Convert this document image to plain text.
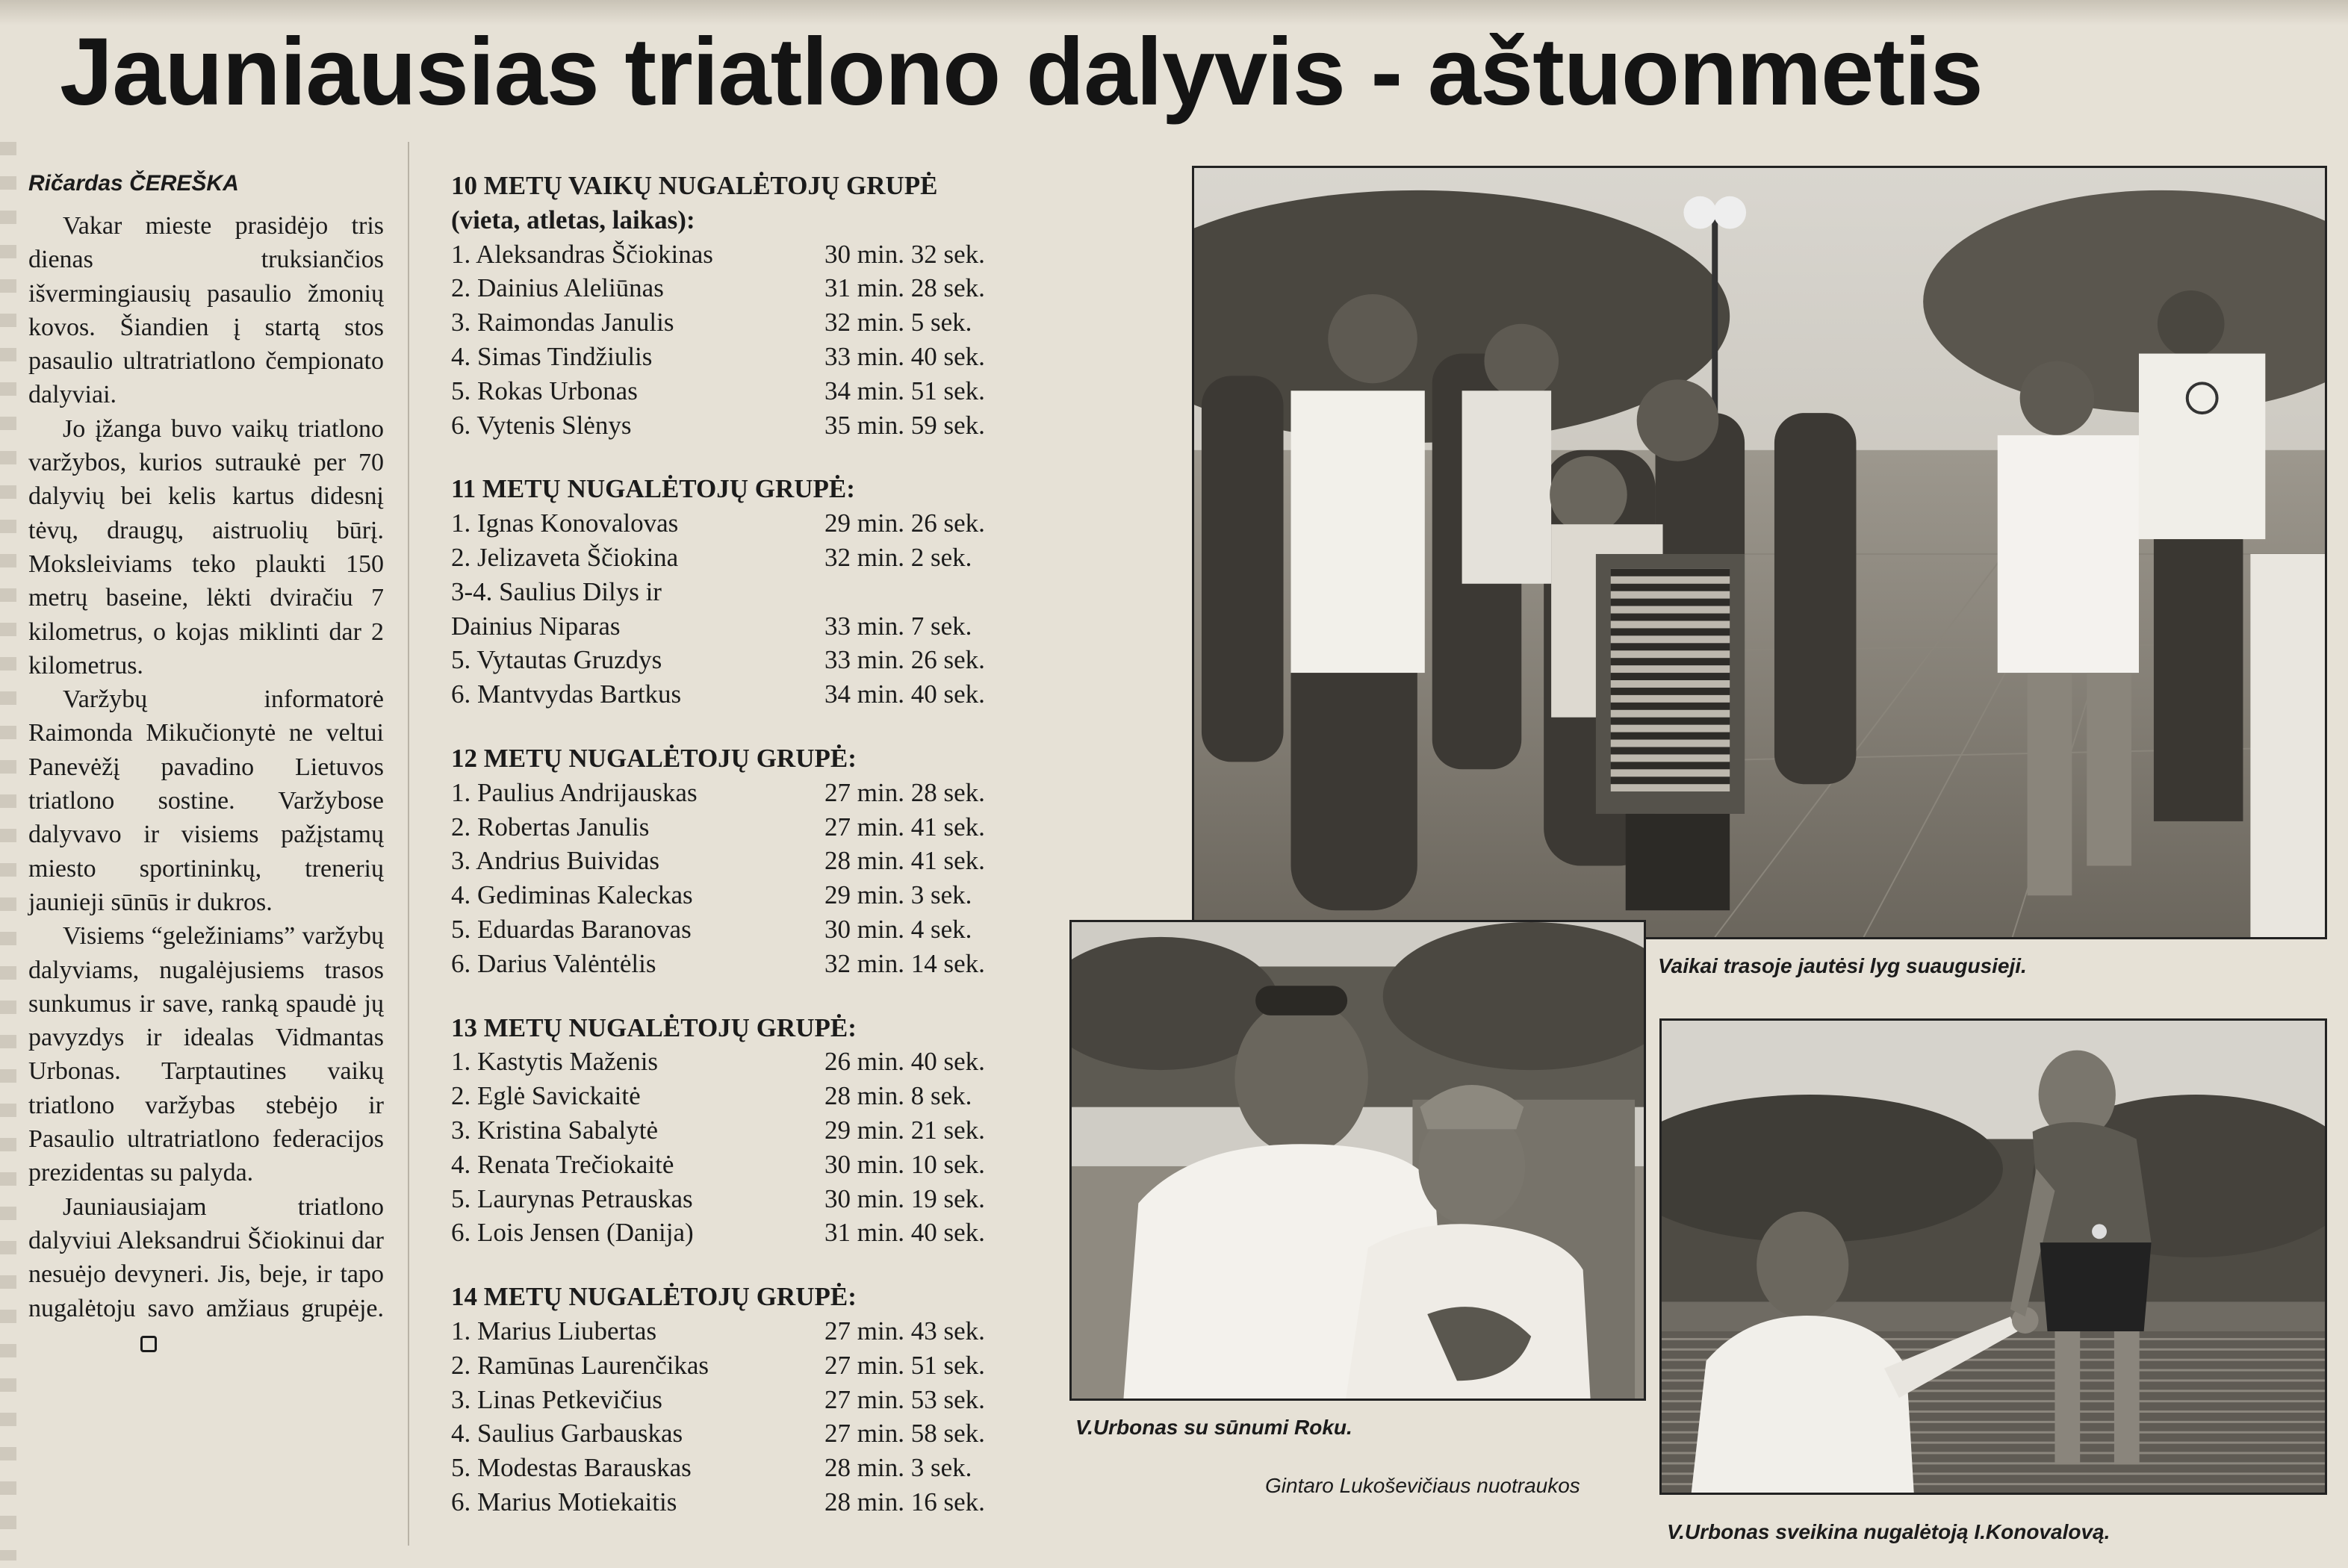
Jauniausias triatlono dalyvis - aštuonmetis
Ričardas ČEREŠKA

Vakar mieste prasidėjo tris dienas truksiančios išvermingiausių pasaulio žmonių kovos. Šiandien į startą stos pasaulio ultratriatlono čempionato dalyviai.

Jo įžanga buvo vaikų triatlono varžybos, kurios sutraukė per 70 dalyvių bei kelis kartus didesnį tėvų, draugų, aistruolių būrį. Moksleiviams teko plaukti 150 metrų baseine, lėkti dviračiu 7 kilometrus, o kojas miklinti dar 2 kilometrus.

Varžybų informatorė Raimonda Mikučionytė ne veltui Panevėžį pavadino Lietuvos triatlono sostine. Varžybose dalyvavo ir visiems pažįstamų miesto sportininkų, trenerių jaunieji sūnūs ir dukros.

Visiems “geležiniams” varžybų dalyviams, nugalėjusiems trasos sunkumus ir save, ranką spaudė jų pavyzdys ir idealas Vidmantas Urbonas. Tarptautines vaikų triatlono varžybas stebėjo ir Pasaulio ultratriatlono federacijos prezidentas su palyda.

Jauniausiajam triatlono dalyviui Aleksandrui Ščiokinui dar nesuėjo devyneri. Jis, beje, ir tapo nugalėtoju savo amžiaus grupėje.

10 METŲ VAIKŲ NUGALĖTOJŲ GRUPĖ
(vieta, atletas, laikas):
1. Aleksandras Ščiokinas	30 min. 32 sek.
2. Dainius Aleliūnas	31 min. 28 sek.
3. Raimondas Janulis	32 min. 5 sek.
4. Simas Tindžiulis	33 min. 40 sek.
5. Rokas Urbonas	34 min. 51 sek.
6. Vytenis Slėnys	35 min. 59 sek.
11 METŲ NUGALĖTOJŲ GRUPĖ:
1. Ignas Konovalovas	29 min. 26 sek.
2. Jelizaveta Ščiokina	32 min. 2 sek.
3-4. Saulius Dilys ir Dainius Niparas	33 min. 7 sek.
5. Vytautas Gruzdys	33 min. 26 sek.
6. Mantvydas Bartkus	34 min. 40 sek.
12 METŲ NUGALĖTOJŲ GRUPĖ:
1. Paulius Andrijauskas	27 min. 28 sek.
2. Robertas Janulis	27 min. 41 sek.
3. Andrius Buividas	28 min. 41 sek.
4. Gediminas Kaleckas	29 min. 3 sek.
5. Eduardas Baranovas	30 min. 4 sek.
6. Darius Valėntėlis	32 min. 14 sek.
13 METŲ NUGALĖTOJŲ GRUPĖ:
1. Kastytis Maženis	26 min. 40 sek.
2. Eglė Savickaitė	28 min. 8 sek.
3. Kristina Sabalytė	29 min. 21 sek.
4. Renata Trečiokaitė	30 min. 10 sek.
5. Laurynas Petrauskas	30 min. 19 sek.
6. Lois Jensen (Danija)	31 min. 40 sek.
14 METŲ NUGALĖTOJŲ GRUPĖ:
1. Marius Liubertas	27 min. 43 sek.
2. Ramūnas Laurenčikas	27 min. 51 sek.
3. Linas Petkevičius	27 min. 53 sek.
4. Saulius Garbauskas	27 min. 58 sek.
5. Modestas Barauskas	28 min. 3 sek.
6. Marius Motiekaitis	28 min. 16 sek.
Vaikai trasoje jautėsi lyg suaugusieji.
V.Urbonas su sūnumi Roku.
Gintaro Lukoševičiaus nuotraukos
V.Urbonas sveikina nugalėtoją I.Konovalovą.
